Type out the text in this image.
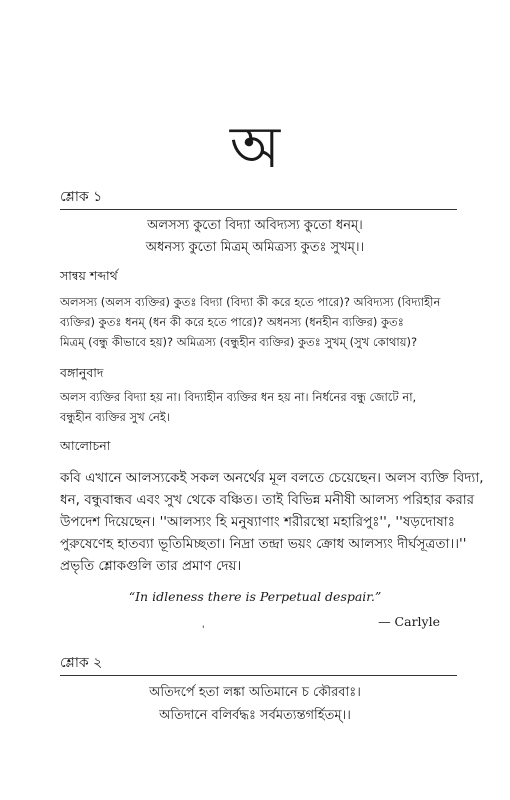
অ
শ্লোক ১
অলসস্য কুতো বিদ্যা অবিদ্যস্য কুতো ধনম্‌।
অধনস্য কুতো মিত্রম্‌ অমিত্রস্য কুতঃ সুখম্‌।।
সান্বয় শব্দার্থ
অলসস্য (অলস ব্যক্তির) কুতঃ বিদ্যা (বিদ্যা কী করে হতে পারে)? অবিদ্যস্য (বিদ্যাহীন
ব্যক্তির) কুতঃ ধনম্‌ (ধন কী করে হতে পারে)? অধনস্য (ধনহীন ব্যক্তির) কুতঃ
মিত্রম্‌ (বন্ধু কীভাবে হয়)? অমিত্রস্য (বন্ধুহীন ব্যক্তির) কুতঃ সুখম্‌ (সুখ কোথায়)?
বঙ্গানুবাদ
অলস ব্যক্তির বিদ্যা হয় না। বিদ্যাহীন ব্যক্তির ধন হয় না। নির্ধনের বন্ধু জোটে না,
বন্ধুহীন ব্যক্তির সুখ নেই।
আলোচনা
কবি এখানে আলস্যকেই সকল অনর্থের মূল বলতে চেয়েছেন। অলস ব্যক্তি বিদ্যা,
ধন, বন্ধুবান্ধব এবং সুখ থেকে বঞ্চিত। তাই বিভিন্ন মনীষী আলস্য পরিহার করার
উপদেশ দিয়েছেন। ''আলস্যং হি মনুষ্যাণাং শরীরস্থো মহারিপুঃ'', ''ষড়দোষাঃ
পুরুষেণেহ হাতব্যা ভূতিমিচ্ছতা। নিদ্রা তন্দ্রা ভয়ং ক্রোধ আলস্যং দীর্ঘসূত্রতা।।''
প্রভৃতি শ্লোকগুলি তার প্রমাণ দেয়।
“In idleness there is Perpetual despair.”
— Carlyle
'
শ্লোক ২
অতিদর্পে হতা লঙ্কা অতিমানে চ কৌরবাঃ।
অতিদানে বলির্বদ্ধঃ সর্বমত্যন্তগর্হিতম্‌।।
